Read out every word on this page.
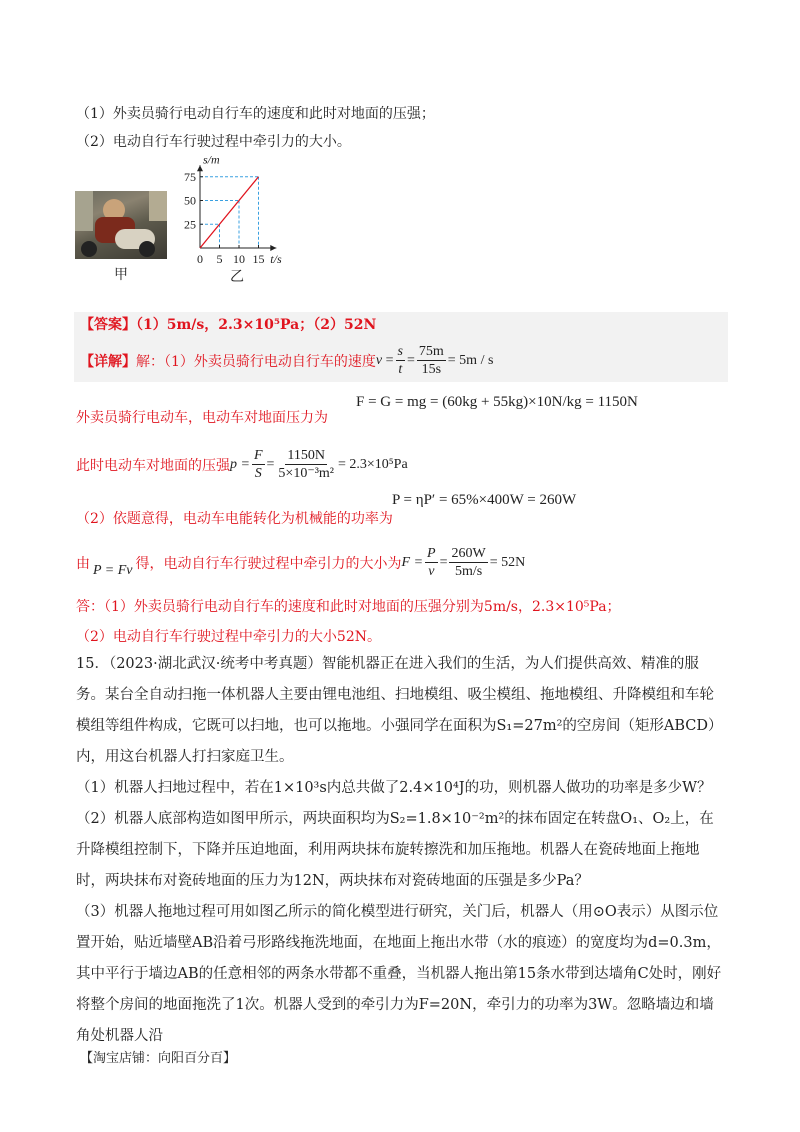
（1）外卖员骑行电动自行车的速度和此时对地面的压强；
（2）电动自行车行驶过程中牵引力的大小。
甲
75
50
25
0 5 10 15
s/m
t/s
乙
【答案】（1）5m/s，2.3×10⁵Pa；（2）52N
【详解】 解：（1）外卖员骑行电动自行车的速度 $v = \frac{s}{t} = \frac{75m}{15s} = 5m / s$
F = G = mg = (60kg + 55kg)×10N/kg = 1150N
外卖员骑行电动车，电动车对地面压力为
此时电动车对地面的压强 $p = \frac{F}{S} = \frac{1150N}{\text{5×10⁻³m²}} = 2.3\times 10^5Pa$
P = ηP′ = 65%×400W = 260W
（2）依题意得，电动车电能转化为机械能的功率为
由 P = Fv 得，电动自行车行驶过程中牵引力的大小为 $F = \frac{P}{v} = \frac{260W}{5m/s} = 52N$
答：（1）外卖员骑行电动自行车的速度和此时对地面的压强分别为5m/s，2.3×10⁵Pa；
（2）电动自行车行驶过程中牵引力的大小52N。
15．（2023·湖北武汉·统考中考真题）智能机器正在进入我们的生活，为人们提供高效、精准的服务。某台全自动扫拖一体机器人主要由锂电池组、扫地模组、吸尘模组、拖地模组、升降模组和车轮模组等组件构成，它既可以扫地，也可以拖地。小强同学在面积为S₁=27m²的空房间（矩形ABCD）内，用这台机器人打扫家庭卫生。
（1）机器人扫地过程中，若在1×10³s内总共做了2.4×10⁴J的功，则机器人做功的功率是多少W？
（2）机器人底部构造如图甲所示，两块面积均为S₂=1.8×10⁻²m²的抹布固定在转盘O₁、O₂上，在升降模组控制下，下降并压迫地面，利用两块抹布旋转擦洗和加压拖地。机器人在瓷砖地面上拖地时，两块抹布对瓷砖地面的压力为12N，两块抹布对瓷砖地面的压强是多少Pa？
（3）机器人拖地过程可用如图乙所示的简化模型进行研究，关门后，机器人（用⊙O表示）从图示位置开始，贴近墙壁AB沿着弓形路线拖洗地面，在地面上拖出水带（水的痕迹）的宽度均为d=0.3m，其中平行于墙边AB的任意相邻的两条水带都不重叠，当机器人拖出第15条水带到达墙角C处时，刚好将整个房间的地面拖洗了1次。机器人受到的牵引力为F=20N，牵引力的功率为3W。忽略墙边和墙角处机器人沿
【淘宝店铺：向阳百分百】
